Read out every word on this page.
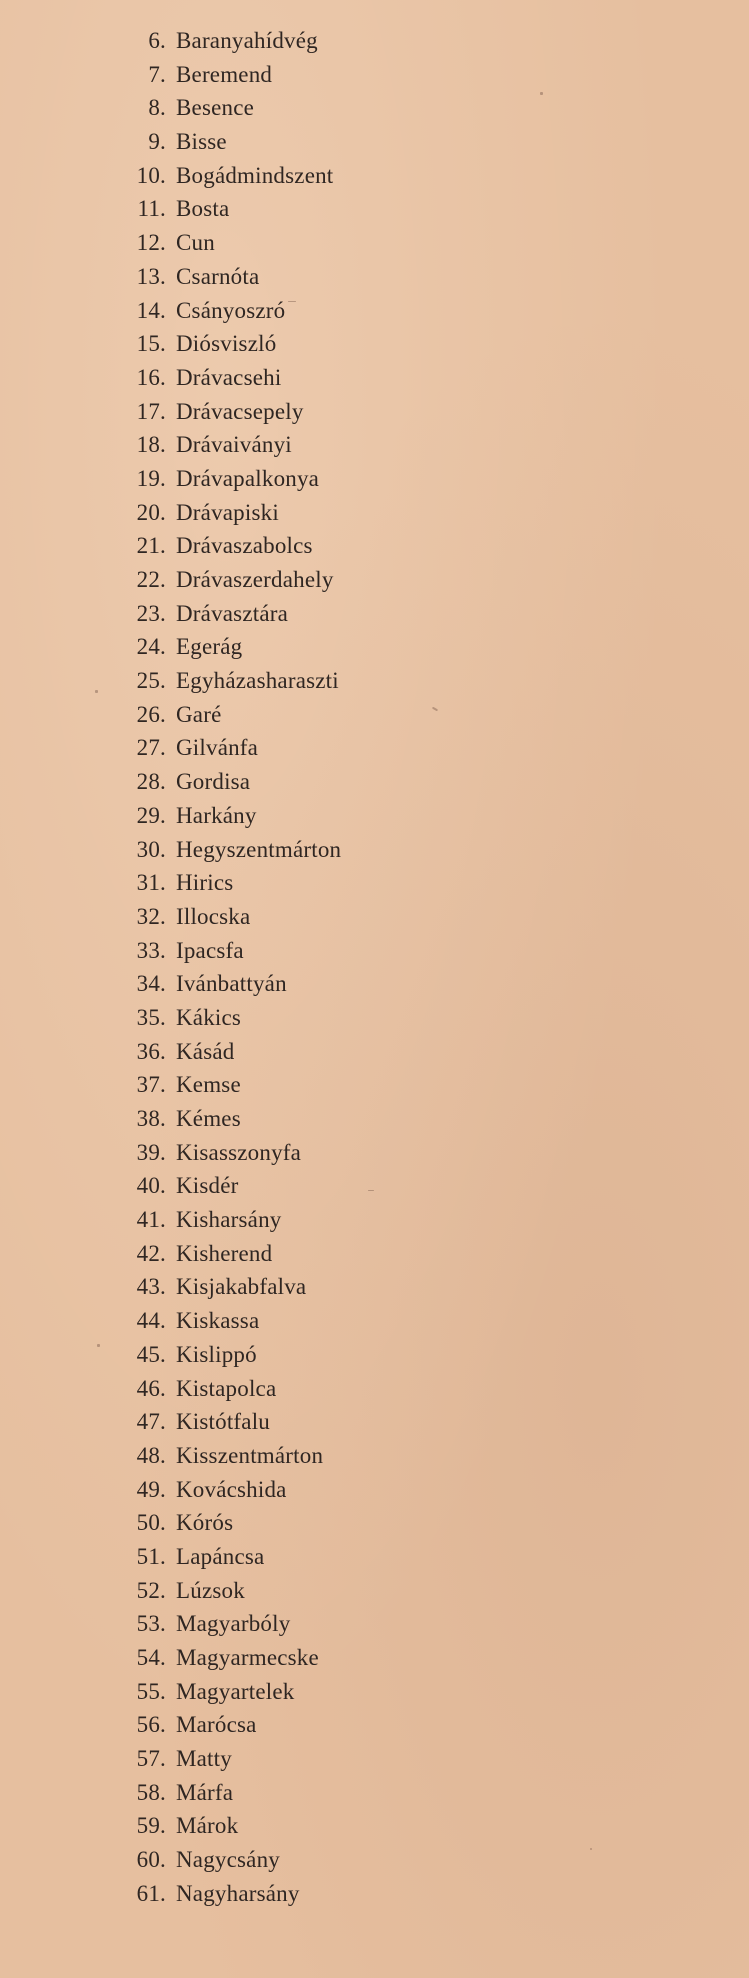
6. Baranyahídvég
7. Beremend
8. Besence
9. Bisse
10. Bogádmindszent
11. Bosta
12. Cun
13. Csarnóta
14. Csányoszró
15. Diósviszló
16. Drávacsehi
17. Drávacsepely
18. Drávaiványi
19. Drávapalkonya
20. Drávapiski
21. Drávaszabolcs
22. Drávaszerdahely
23. Drávasztára
24. Egerág
25. Egyházasharaszti
26. Garé
27. Gilvánfa
28. Gordisa
29. Harkány
30. Hegyszentmárton
31. Hirics
32. Illocska
33. Ipacsfa
34. Ivánbattyán
35. Kákics
36. Kásád
37. Kemse
38. Kémes
39. Kisasszonyfa
40. Kisdér
41. Kisharsány
42. Kisherend
43. Kisjakabfalva
44. Kiskassa
45. Kislippó
46. Kistapolca
47. Kistótfalu
48. Kisszentmárton
49. Kovácshida
50. Kórós
51. Lapáncsa
52. Lúzsok
53. Magyarbóly
54. Magyarmecske
55. Magyartelek
56. Marócsa
57. Matty
58. Márfa
59. Márok
60. Nagycsány
61. Nagyharsány
